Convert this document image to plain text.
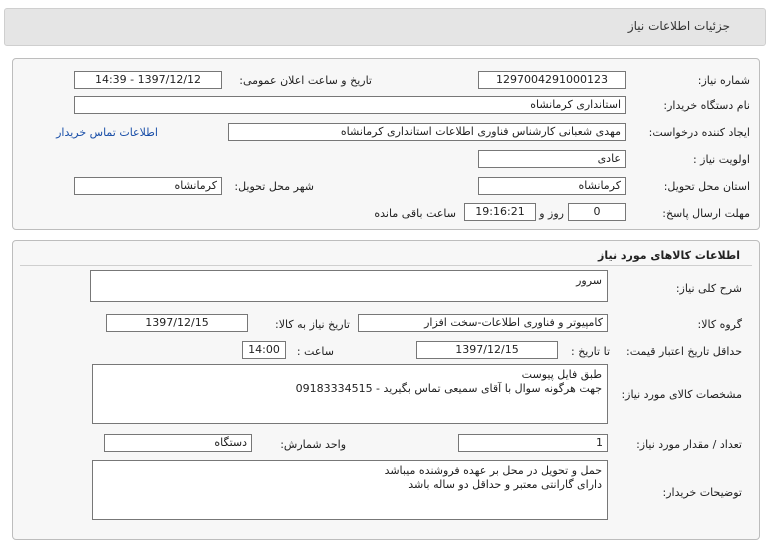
جزئیات اطلاعات نیاز
شماره نیاز:
1297004291000123
تاریخ و ساعت اعلان عمومی:
1397/12/12 - 14:39
نام دستگاه خریدار:
استانداری کرمانشاه
ایجاد کننده درخواست:
مهدی شعبانی کارشناس فناوری اطلاعات استانداری کرمانشاه
اطلاعات تماس خریدار
اولویت نیاز :
عادی
استان محل تحویل:
کرمانشاه
شهر محل تحویل:
کرمانشاه
مهلت ارسال پاسخ:
0
روز و
19:16:21
ساعت باقی مانده
اطلاعات کالاهای مورد نیاز
شرح کلی نیاز:
سرور
گروه کالا:
کامپیوتر و فناوری اطلاعات-سخت افزار
تاریخ نیاز به کالا:
1397/12/15
حداقل تاریخ اعتبار قیمت:
تا تاریخ :
1397/12/15
ساعت :
14:00
مشخصات کالای مورد نیاز:
طبق فایل پیوست
جهت هرگونه سوال با آقای سمیعی تماس بگیرید - 09183334515
تعداد / مقدار مورد نیاز:
1
واحد شمارش:
دستگاه
توضیحات خریدار:
حمل و تحویل در محل بر عهده فروشنده میباشد
دارای گارانتی معتبر و حداقل دو ساله باشد
